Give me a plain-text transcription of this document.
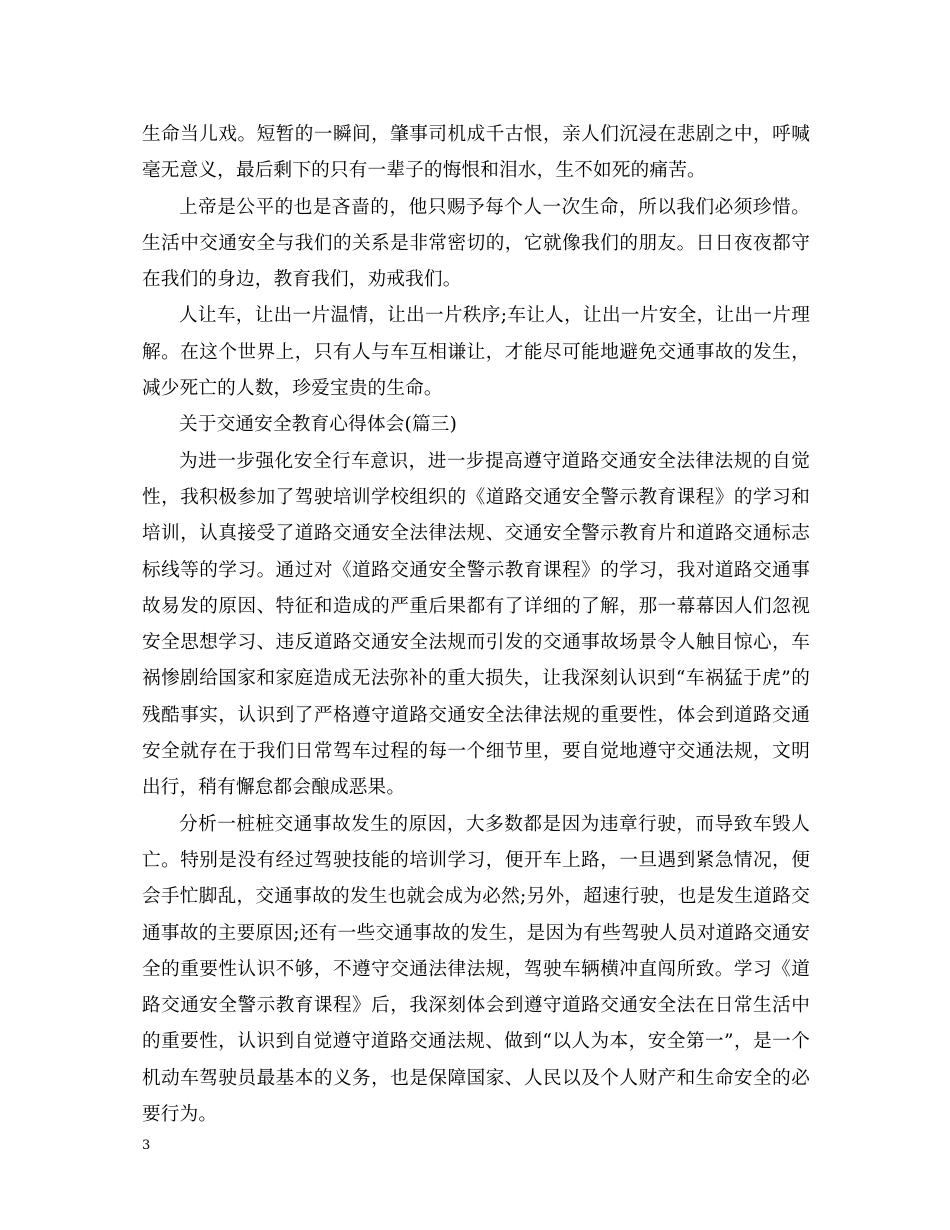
生命当儿戏。短暂的一瞬间，肇事司机成千古恨，亲人们沉浸在悲剧之中，呼喊毫无意义，最后剩下的只有一辈子的悔恨和泪水，生不如死的痛苦。

上帝是公平的也是吝啬的，他只赐予每个人一次生命，所以我们必须珍惜。生活中交通安全与我们的关系是非常密切的，它就像我们的朋友。日日夜夜都守在我们的身边，教育我们，劝戒我们。

人让车，让出一片温情，让出一片秩序;车让人，让出一片安全，让出一片理解。在这个世界上，只有人与车互相谦让，才能尽可能地避免交通事故的发生，减少死亡的人数，珍爱宝贵的生命。

关于交通安全教育心得体会(篇三)

为进一步强化安全行车意识，进一步提高遵守道路交通安全法律法规的自觉性，我积极参加了驾驶培训学校组织的《道路交通安全警示教育课程》的学习和培训，认真接受了道路交通安全法律法规、交通安全警示教育片和道路交通标志标线等的学习。通过对《道路交通安全警示教育课程》的学习，我对道路交通事故易发的原因、特征和造成的严重后果都有了详细的了解，那一幕幕因人们忽视安全思想学习、违反道路交通安全法规而引发的交通事故场景令人触目惊心，车祸惨剧给国家和家庭造成无法弥补的重大损失，让我深刻认识到“车祸猛于虎”的残酷事实，认识到了严格遵守道路交通安全法律法规的重要性，体会到道路交通安全就存在于我们日常驾车过程的每一个细节里，要自觉地遵守交通法规，文明出行，稍有懈怠都会酿成恶果。

分析一桩桩交通事故发生的原因，大多数都是因为违章行驶，而导致车毁人亡。特别是没有经过驾驶技能的培训学习，便开车上路，一旦遇到紧急情况，便会手忙脚乱，交通事故的发生也就会成为必然;另外，超速行驶，也是发生道路交通事故的主要原因;还有一些交通事故的发生，是因为有些驾驶人员对道路交通安全的重要性认识不够，不遵守交通法律法规，驾驶车辆横冲直闯所致。学习《道路交通安全警示教育课程》后，我深刻体会到遵守道路交通安全法在日常生活中的重要性，认识到自觉遵守道路交通法规、做到“以人为本，安全第一”，是一个机动车驾驶员最基本的义务，也是保障国家、人民以及个人财产和生命安全的必要行为。

3
